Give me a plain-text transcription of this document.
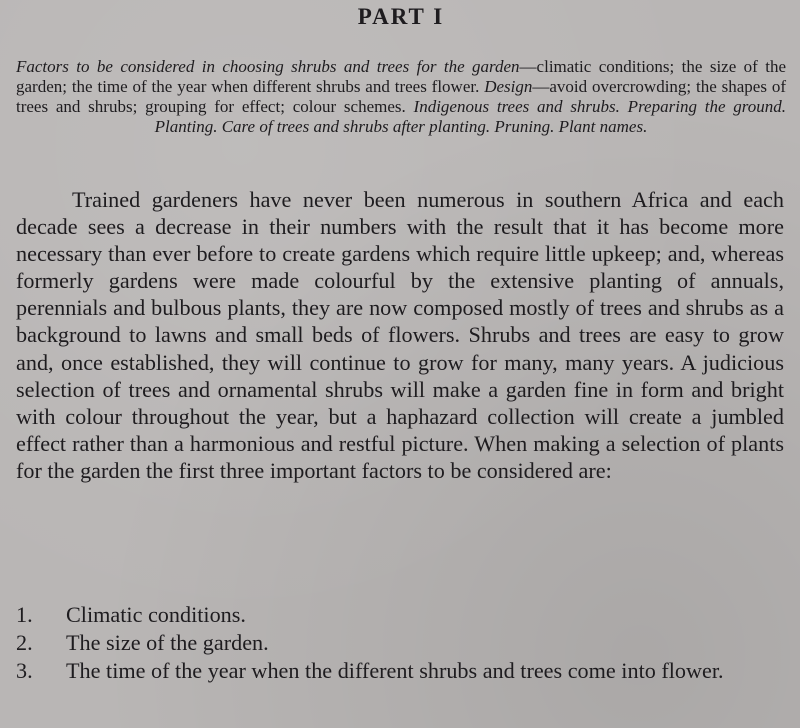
PART I

Factors to be considered in choosing shrubs and trees for the garden—climatic conditions; the size of the garden; the time of the year when different shrubs and trees flower. Design—avoid overcrowding; the shapes of trees and shrubs; grouping for effect; colour schemes. Indigenous trees and shrubs. Preparing the ground. Planting. Care of trees and shrubs after planting. Pruning. Plant names.

Trained gardeners have never been numerous in southern Africa and each decade sees a decrease in their numbers with the result that it has become more necessary than ever before to create gardens which require little upkeep; and, whereas formerly gardens were made colourful by the extensive planting of annuals, perennials and bulbous plants, they are now composed mostly of trees and shrubs as a background to lawns and small beds of flowers. Shrubs and trees are easy to grow and, once established, they will continue to grow for many, many years. A judicious selection of trees and ornamental shrubs will make a garden fine in form and bright with colour throughout the year, but a haphazard collection will create a jumbled effect rather than a harmonious and restful picture. When making a selection of plants for the garden the first three important factors to be considered are:

1. Climatic conditions.
2. The size of the garden.
3. The time of the year when the different shrubs and trees come into flower.
